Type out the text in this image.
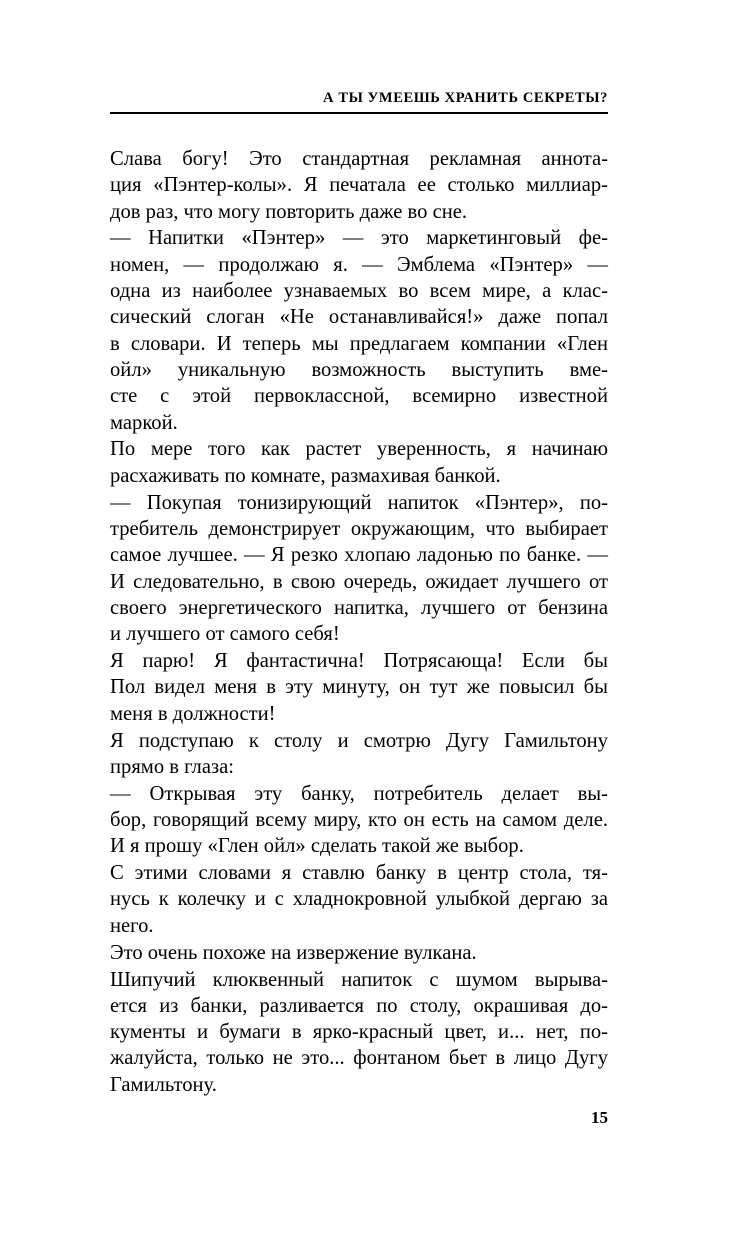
А ТЫ УМЕЕШЬ ХРАНИТЬ СЕКРЕТЫ?

Слава богу! Это стандартная рекламная аннота-
ция «Пэнтер-колы». Я печатала ее столько миллиар-
дов раз, что могу повторить даже во сне.

— Напитки «Пэнтер» — это маркетинговый фе-
номен, — продолжаю я. — Эмблема «Пэнтер» —
одна из наиболее узнаваемых во всем мире, а клас-
сический слоган «Не останавливайся!» даже попал
в словари. И теперь мы предлагаем компании «Глен
ойл» уникальную возможность выступить вме-
сте с этой первоклассной, всемирно известной
маркой.

По мере того как растет уверенность, я начинаю
расхаживать по комнате, размахивая банкой.

— Покупая тонизирующий напиток «Пэнтер», по-
требитель демонстрирует окружающим, что выбирает
самое лучшее. — Я резко хлопаю ладонью по банке. —
И следовательно, в свою очередь, ожидает лучшего от
своего энергетического напитка, лучшего от бензина
и лучшего от самого себя!

Я парю! Я фантастична! Потрясающа! Если бы
Пол видел меня в эту минуту, он тут же повысил бы
меня в должности!

Я подступаю к столу и смотрю Дугу Гамильтону
прямо в глаза:

— Открывая эту банку, потребитель делает вы-
бор, говорящий всему миру, кто он есть на самом деле.
И я прошу «Глен ойл» сделать такой же выбор.

С этими словами я ставлю банку в центр стола, тя-
нусь к колечку и с хладнокровной улыбкой дергаю за
него.

Это очень похоже на извержение вулкана.

Шипучий клюквенный напиток с шумом вырыва-
ется из банки, разливается по столу, окрашивая до-
кументы и бумаги в ярко-красный цвет, и... нет, по-
жалуйста, только не это... фонтаном бьет в лицо Дугу
Гамильтону.

15
